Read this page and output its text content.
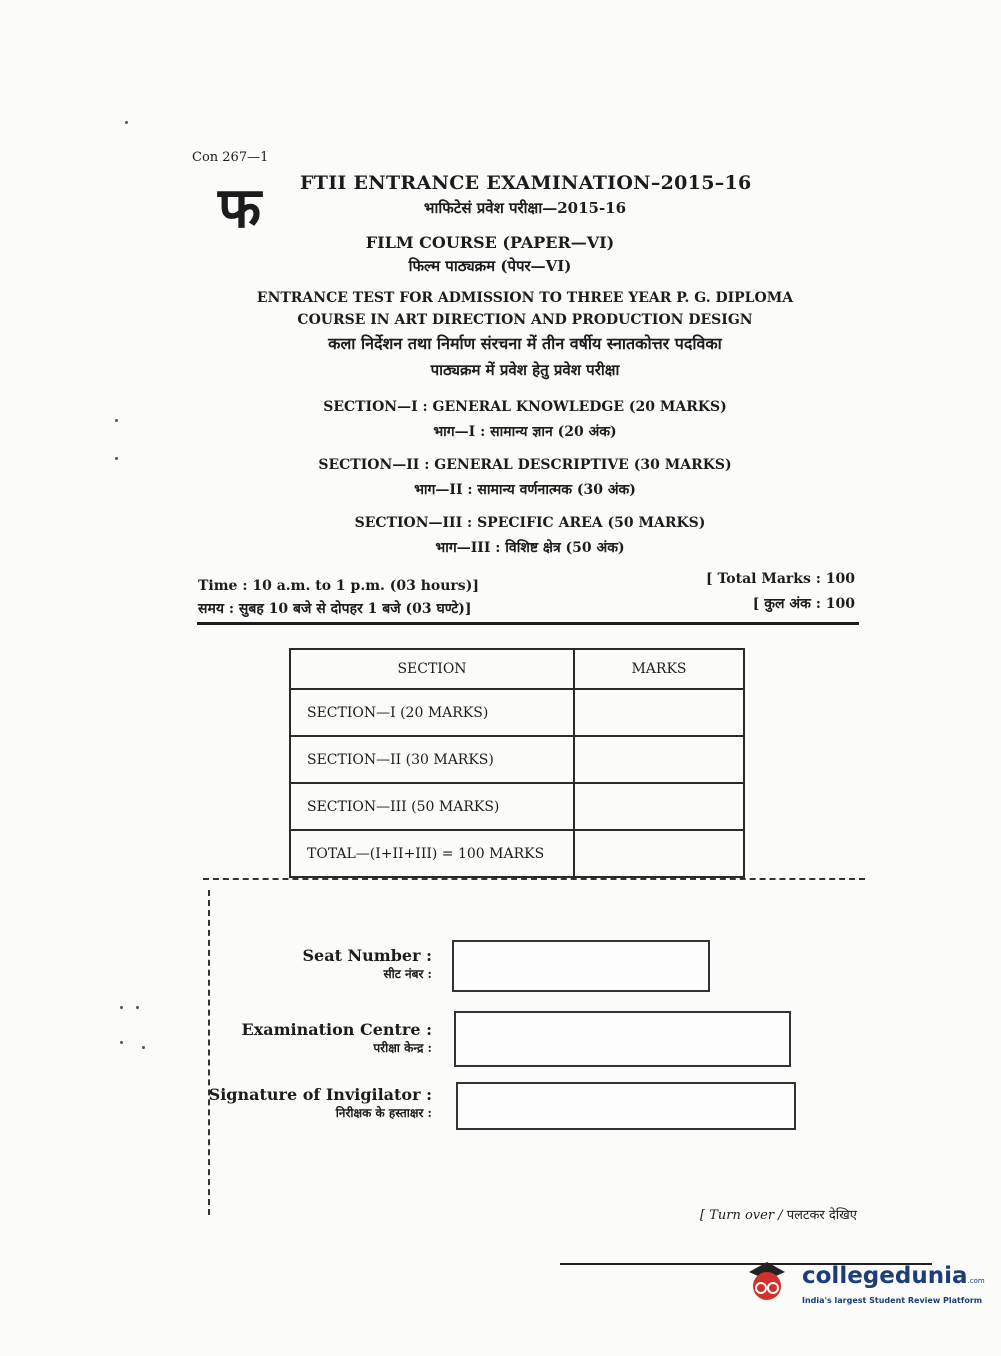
Con 267—1
फ FTII ENTRANCE EXAMINATION–2015–16
भाफिटेसं प्रवेश परीक्षा—2015-16
FILM COURSE (PAPER—VI)
फिल्म पाठ्यक्रम (पेपर—VI)
ENTRANCE TEST FOR ADMISSION TO THREE YEAR P. G. DIPLOMA
COURSE IN ART DIRECTION AND PRODUCTION DESIGN
कला निर्देशन तथा निर्माण संरचना में तीन वर्षीय स्नातकोत्तर पदविका
पाठ्यक्रम में प्रवेश हेतु प्रवेश परीक्षा
SECTION—I : GENERAL KNOWLEDGE (20 MARKS)
भाग—I : सामान्य ज्ञान (20 अंक)
SECTION—II : GENERAL DESCRIPTIVE (30 MARKS)
भाग—II : सामान्य वर्णनात्मक (30 अंक)
SECTION—III : SPECIFIC AREA (50 MARKS)
भाग—III : विशिष्ट क्षेत्र (50 अंक)
Time : 10 a.m. to 1 p.m. (03 hours)]
समय : सुबह 10 बजे से दोपहर 1 बजे (03 घण्टे)]
[ Total Marks : 100
[ कुल अंक : 100
SECTION	MARKS
SECTION—I (20 MARKS)	
SECTION—II (30 MARKS)	
SECTION—III (50 MARKS)	
TOTAL—(I+II+III) = 100 MARKS	
Seat Number :
सीट नंबर :
Examination Centre :
परीक्षा केन्द्र :
Signature of Invigilator :
निरीक्षक के हस्ताक्षर :
[ Turn over / पलटकर देखिए
collegedunia.com
India's largest Student Review Platform
